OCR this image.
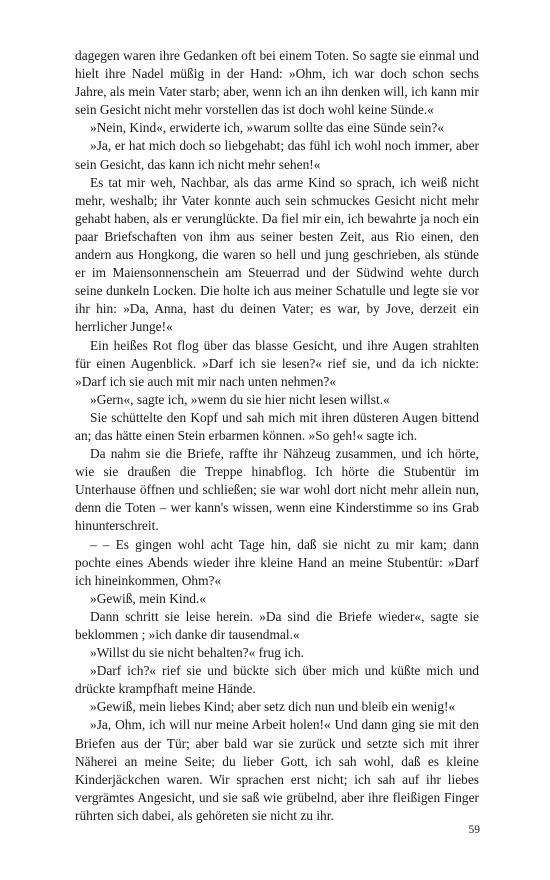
dagegen waren ihre Gedanken oft bei einem Toten. So sagte sie einmal und hielt ihre Nadel müßig in der Hand: »Ohm, ich war doch schon sechs Jahre, als mein Vater starb; aber, wenn ich an ihn denken will, ich kann mir sein Gesicht nicht mehr vorstellen das ist doch wohl keine Sünde.«

»Nein, Kind«, erwiderte ich, »warum sollte das eine Sünde sein?«

»Ja, er hat mich doch so liebgehabt; das fühl ich wohl noch immer, aber sein Gesicht, das kann ich nicht mehr sehen!«

Es tat mir weh, Nachbar, als das arme Kind so sprach, ich weiß nicht mehr, weshalb; ihr Vater konnte auch sein schmuckes Gesicht nicht mehr gehabt haben, als er verunglückte. Da fiel mir ein, ich bewahrte ja noch ein paar Briefschaften von ihm aus seiner besten Zeit, aus Rio einen, den andern aus Hongkong, die waren so hell und jung geschrieben, als stünde er im Maiensonnenschein am Steuerrad und der Südwind wehte durch seine dunkeln Locken. Die holte ich aus meiner Schatulle und legte sie vor ihr hin: »Da, Anna, hast du deinen Vater; es war, by Jove, derzeit ein herrlicher Junge!«

Ein heißes Rot flog über das blasse Gesicht, und ihre Augen strahlten für einen Augenblick. »Darf ich sie lesen?« rief sie, und da ich nickte: »Darf ich sie auch mit mir nach unten nehmen?«

»Gern«, sagte ich, »wenn du sie hier nicht lesen willst.«

Sie schüttelte den Kopf und sah mich mit ihren düsteren Augen bittend an; das hätte einen Stein erbarmen können. »So geh!« sagte ich.

Da nahm sie die Briefe, raffte ihr Nähzeug zusammen, und ich hörte, wie sie draußen die Treppe hinabflog. Ich hörte die Stubentür im Unterhause öffnen und schließen; sie war wohl dort nicht mehr allein nun, denn die Toten – wer kann's wissen, wenn eine Kinderstimme so ins Grab hinunterschreit.

– – Es gingen wohl acht Tage hin, daß sie nicht zu mir kam; dann pochte eines Abends wieder ihre kleine Hand an meine Stubentür: »Darf ich hineinkommen, Ohm?«

»Gewiß, mein Kind.«

Dann schritt sie leise herein. »Da sind die Briefe wieder«, sagte sie beklommen ; »ich danke dir tausendmal.«

»Willst du sie nicht behalten?« frug ich.

»Darf ich?« rief sie und bückte sich über mich und küßte mich und drückte krampfhaft meine Hände.

»Gewiß, mein liebes Kind; aber setz dich nun und bleib ein wenig!«

»Ja, Ohm, ich will nur meine Arbeit holen!« Und dann ging sie mit den Briefen aus der Tür; aber bald war sie zurück und setzte sich mit ihrer Näherei an meine Seite; du lieber Gott, ich sah wohl, daß es kleine Kinderjäckchen waren. Wir sprachen erst nicht; ich sah auf ihr liebes vergrämtes Angesicht, und sie saß wie grübelnd, aber ihre fleißigen Finger rührten sich dabei, als gehöreten sie nicht zu ihr.

59
